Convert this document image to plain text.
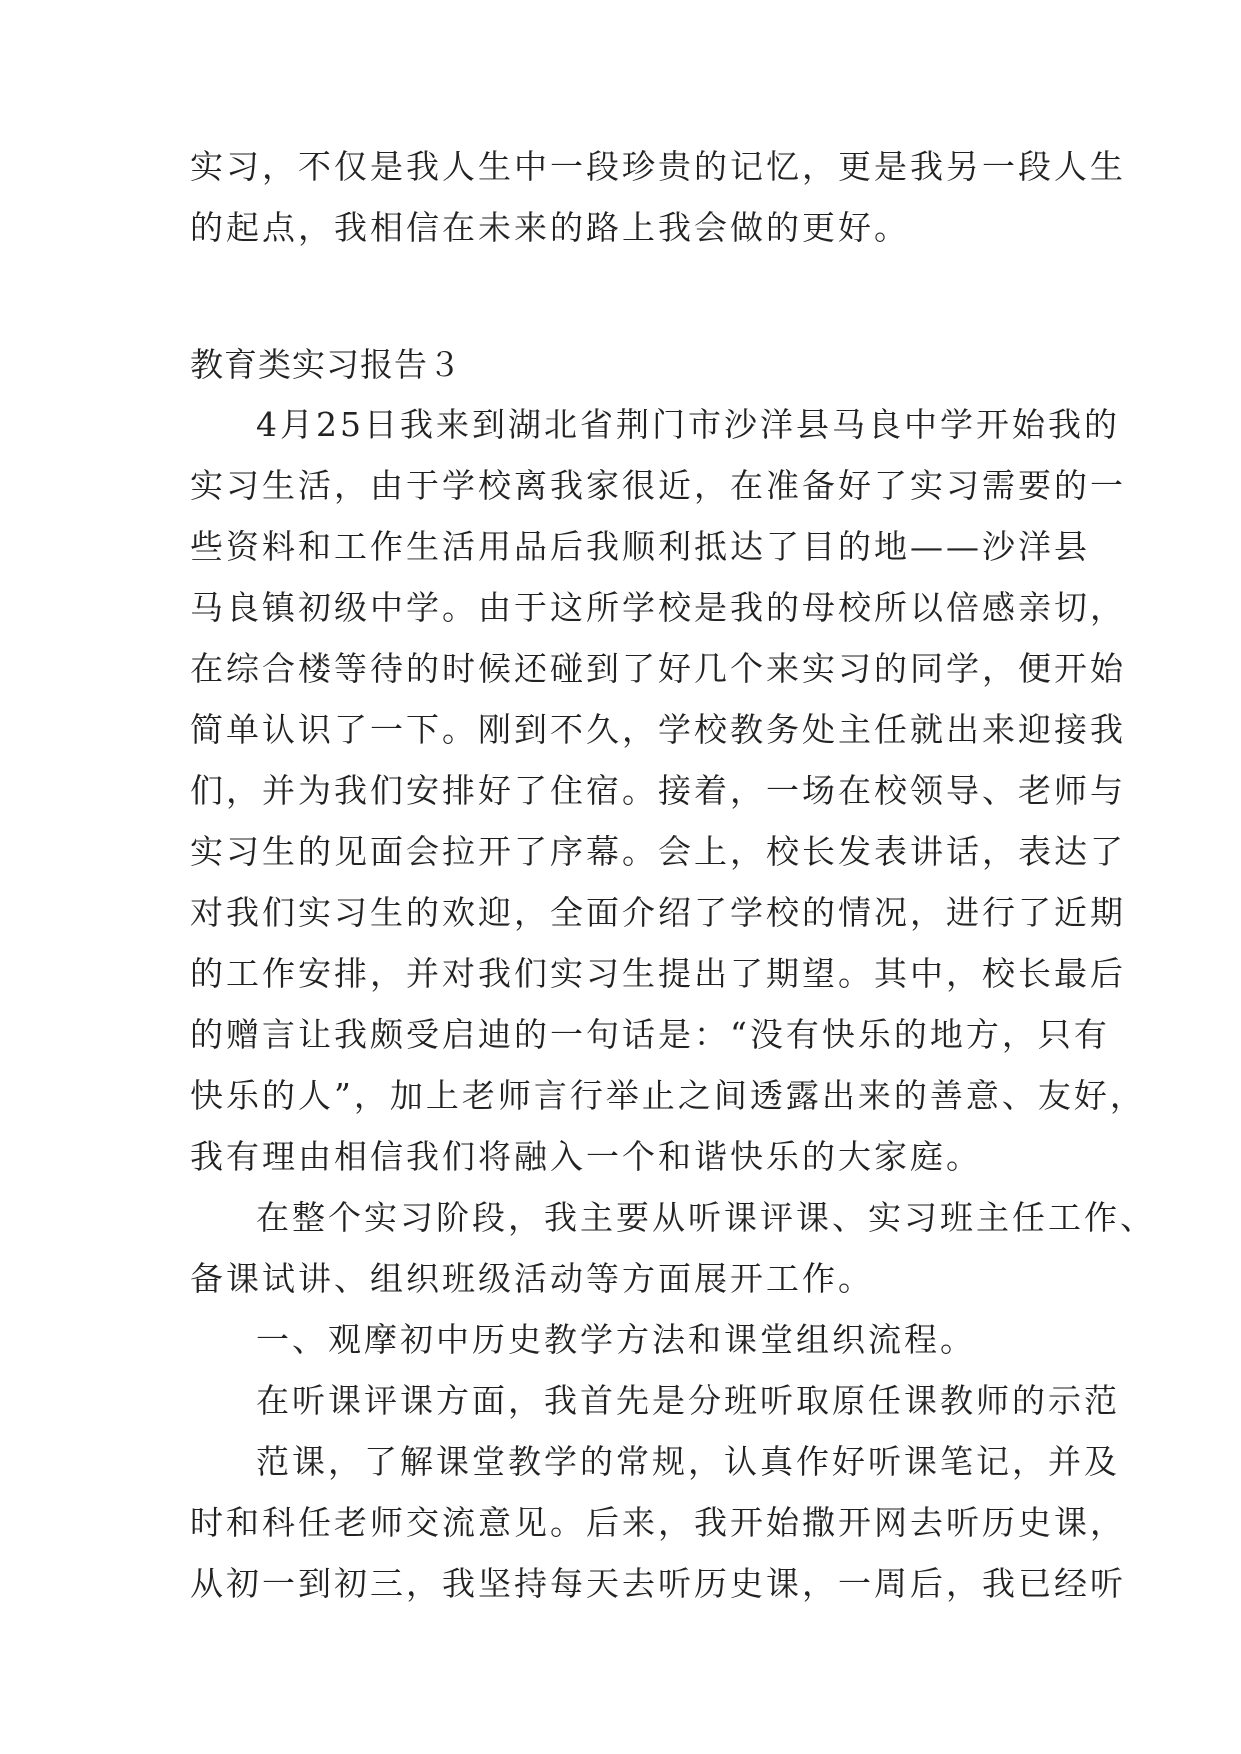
实习，不仅是我人生中一段珍贵的记忆，更是我另一段人生
的起点，我相信在未来的路上我会做的更好。
教育类实习报告３
4月25日我来到湖北省荆门市沙洋县马良中学开始我的
实习生活，由于学校离我家很近，在准备好了实习需要的一
些资料和工作生活用品后我顺利抵达了目的地——沙洋县
马良镇初级中学。由于这所学校是我的母校所以倍感亲切，
在综合楼等待的时候还碰到了好几个来实习的同学，便开始
简单认识了一下。刚到不久，学校教务处主任就出来迎接我
们，并为我们安排好了住宿。接着，一场在校领导、老师与
实习生的见面会拉开了序幕。会上，校长发表讲话，表达了
对我们实习生的欢迎，全面介绍了学校的情况，进行了近期
的工作安排，并对我们实习生提出了期望。其中，校长最后
的赠言让我颇受启迪的一句话是：“没有快乐的地方，只有
快乐的人”，加上老师言行举止之间透露出来的善意、友好，
我有理由相信我们将融入一个和谐快乐的大家庭。
在整个实习阶段，我主要从听课评课、实习班主任工作、
备课试讲、组织班级活动等方面展开工作。
一、观摩初中历史教学方法和课堂组织流程。
在听课评课方面，我首先是分班听取原任课教师的示范
范课，了解课堂教学的常规，认真作好听课笔记，并及
时和科任老师交流意见。后来，我开始撒开网去听历史课，
从初一到初三，我坚持每天去听历史课，一周后，我已经听
